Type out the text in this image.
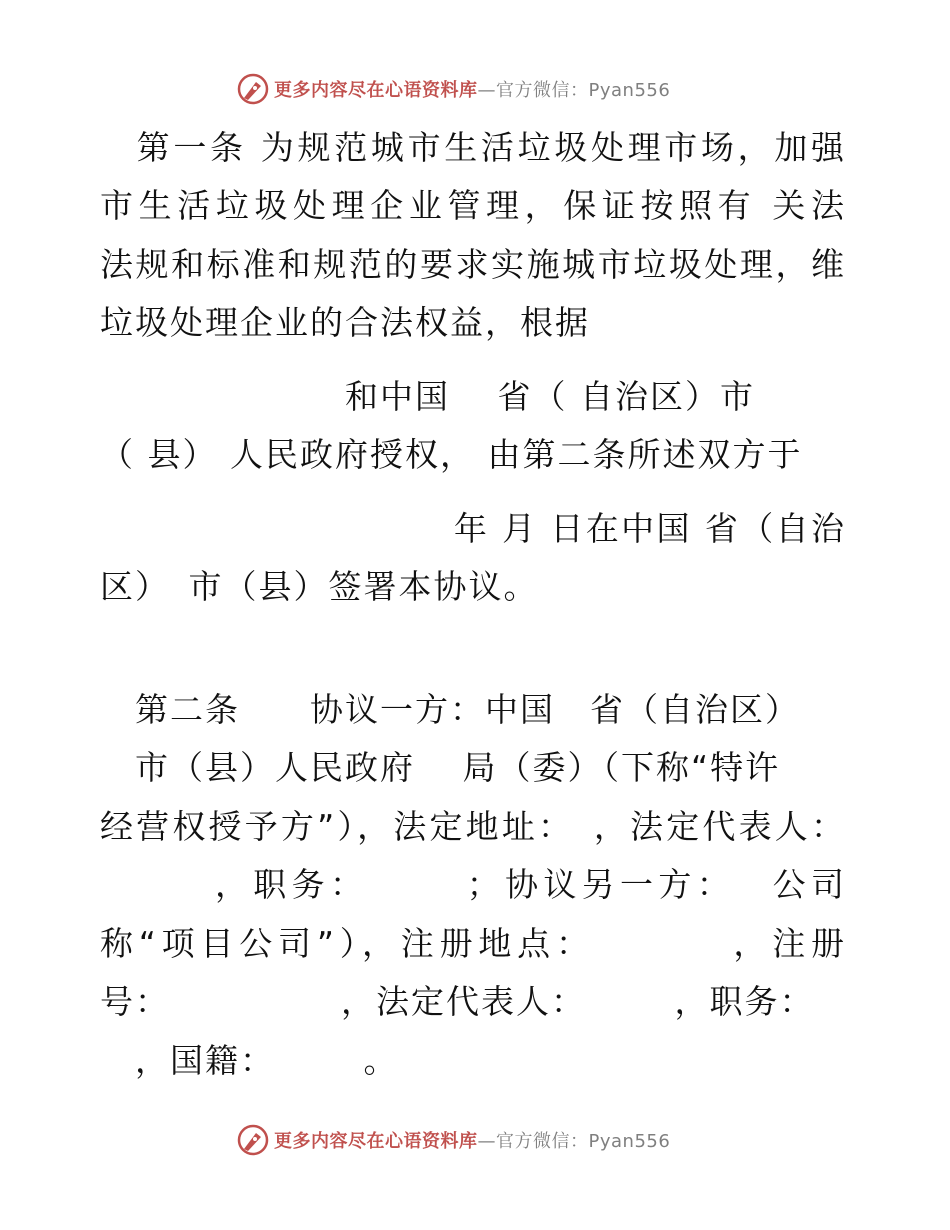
更多内容尽在心语资料库 —官方微信：Pyan556
　第一条 为规范城市生活垃圾处理市场，加强
市生活垃圾处理企业管理，保证按照有 关法
法规和标准和规范的要求实施城市垃圾处理，维
垃圾处理企业的合法权益，根据
　　　　　　　和中国　 省（ 自治区）市
（ 县） 人民政府授权， 由第二条所述双方于
　　　　　　　　　　年 月 日在中国 省（自治
区）　市（县）签署本协议。
　第二条　　协议一方：中国　省（自治区）
　市（县）人民政府　 局（委）（下称“特许
经营权授予方”），法定地址：　，法定代表人：
　　　，职务：　　　；协议另一方：　 公司
称“项目公司”），注册地点：　　　　，注册
号：　　　　　 ，法定代表人：　　　，职务：
　，国籍：　　　。
更多内容尽在心语资料库 —官方微信：Pyan556
